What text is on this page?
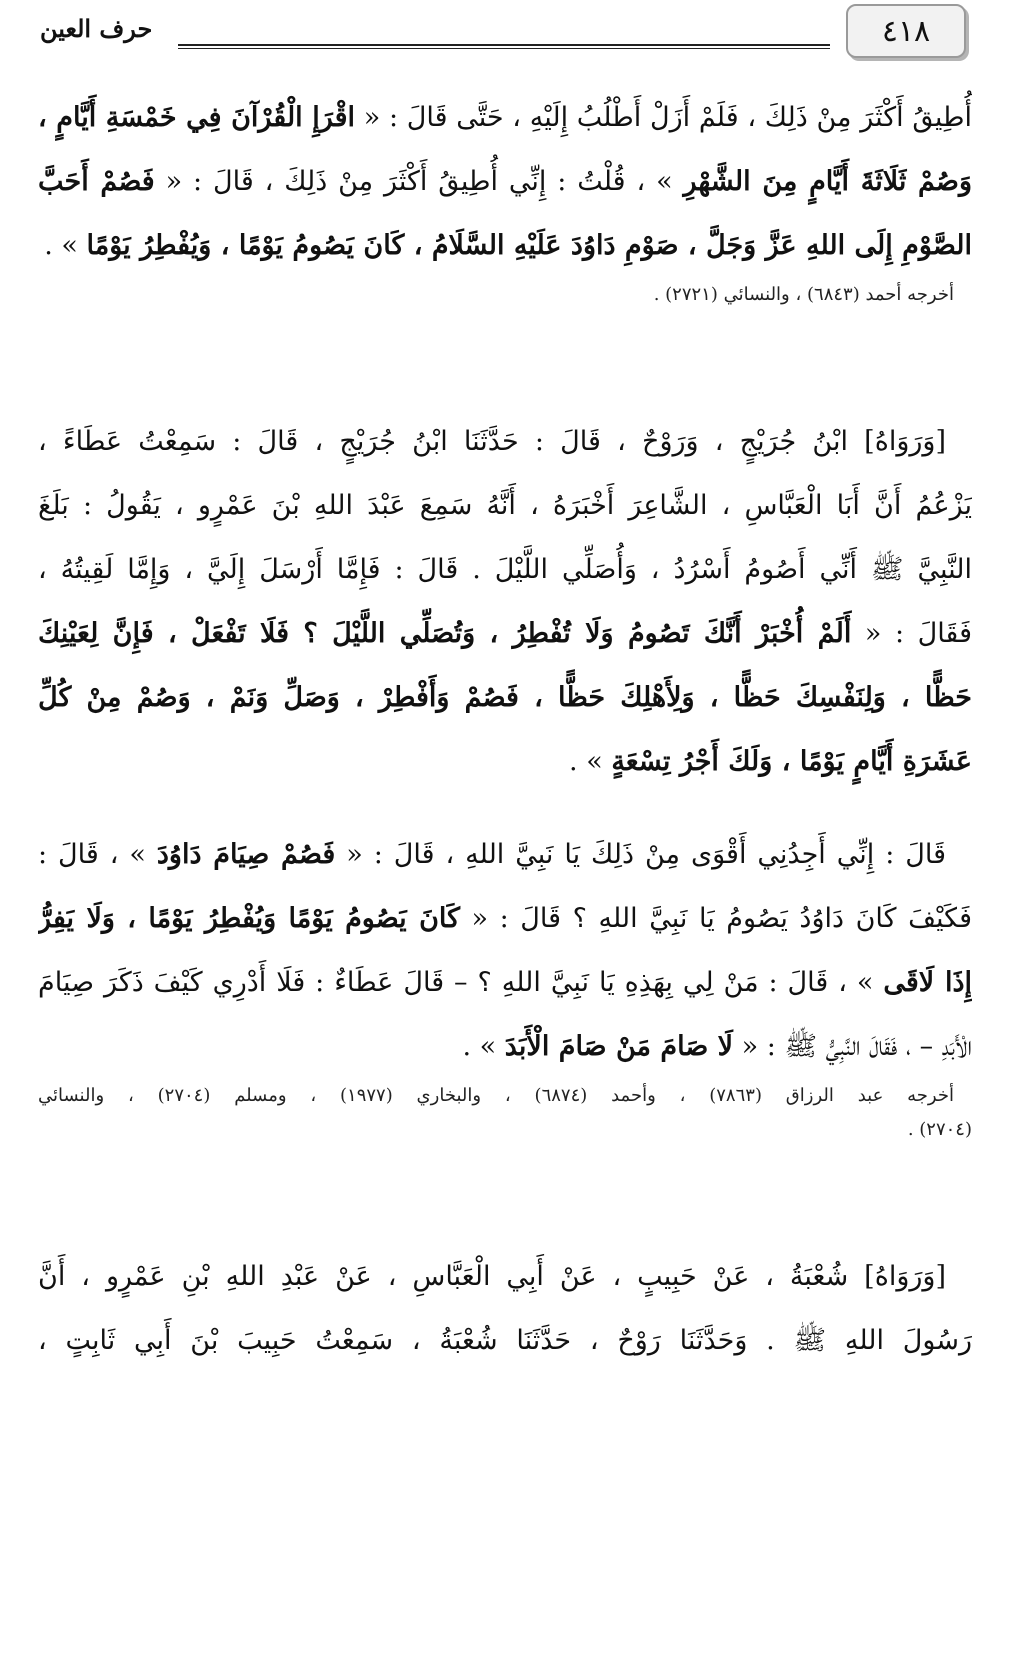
٤١٨
حرف العين
أُطِيقُ أَكْثَرَ مِنْ ذَلِكَ ، فَلَمْ أَزَلْ أَطْلُبُ إِلَيْهِ ، حَتَّى قَالَ : « اقْرَإِ الْقُرْآنَ فِي خَمْسَةِ أَيَّامٍ ،
وَصُمْ ثَلَاثَةَ أَيَّامٍ مِنَ الشَّهْرِ » ، قُلْتُ : إِنِّي أُطِيقُ أَكْثَرَ مِنْ ذَلِكَ ، قَالَ : « فَصُمْ أَحَبَّ
الصَّوْمِ إِلَى اللهِ عَزَّ وَجَلَّ ، صَوْمِ دَاوُدَ عَلَيْهِ السَّلَامُ ، كَانَ يَصُومُ يَوْمًا ، وَيُفْطِرُ يَوْمًا » .
أخرجه أحمد (٦٨٤٣) ، والنسائي (٢٧٢١) .
[وَرَوَاهُ] ابْنُ جُرَيْجٍ ، وَرَوْحٌ ، قَالَ : حَدَّثَنَا ابْنُ جُرَيْجٍ ، قَالَ : سَمِعْتُ عَطَاءً ،
يَزْعُمُ أَنَّ أَبَا الْعَبَّاسِ ، الشَّاعِرَ أَخْبَرَهُ ، أَنَّهُ سَمِعَ عَبْدَ اللهِ بْنَ عَمْرٍو ، يَقُولُ : بَلَغَ
النَّبِيَّ ﷺ أَنِّي أَصُومُ أَسْرُدُ ، وَأُصَلِّي اللَّيْلَ . قَالَ : فَإِمَّا أَرْسَلَ إِلَيَّ ، وَإِمَّا لَقِيتُهُ ،
فَقَالَ : « أَلَمْ أُخْبَرْ أَنَّكَ تَصُومُ وَلَا تُفْطِرُ ، وَتُصَلِّي اللَّيْلَ ؟ فَلَا تَفْعَلْ ، فَإِنَّ لِعَيْنِكَ
حَظًّا ، وَلِنَفْسِكَ حَظًّا ، وَلِأَهْلِكَ حَظًّا ، فَصُمْ وَأَفْطِرْ ، وَصَلِّ وَنَمْ ، وَصُمْ مِنْ كُلِّ
عَشَرَةِ أَيَّامٍ يَوْمًا ، وَلَكَ أَجْرُ تِسْعَةٍ » .
قَالَ : إِنِّي أَجِدُنِي أَقْوَى مِنْ ذَلِكَ يَا نَبِيَّ اللهِ ، قَالَ : « فَصُمْ صِيَامَ دَاوُدَ » ، قَالَ :
فَكَيْفَ كَانَ دَاوُدُ يَصُومُ يَا نَبِيَّ اللهِ ؟ قَالَ : « كَانَ يَصُومُ يَوْمًا وَيُفْطِرُ يَوْمًا ، وَلَا يَفِرُّ
إِذَا لَاقَى » ، قَالَ : مَنْ لِي بِهَذِهِ يَا نَبِيَّ اللهِ ؟ – قَالَ عَطَاءٌ : فَلَا أَدْرِي كَيْفَ ذَكَرَ صِيَامَ
الْأَبَدِ – ، فَقَالَ النَّبِيُّ ﷺ : « لَا صَامَ مَنْ صَامَ الْأَبَدَ » .
أخرجه عبد الرزاق (٧٨٦٣) ، وأحمد (٦٨٧٤) ، والبخاري (١٩٧٧) ، ومسلم (٢٧٠٤) ، والنسائي
(٢٧٠٤) .
[وَرَوَاهُ] شُعْبَةُ ، عَنْ حَبِيبٍ ، عَنْ أَبِي الْعَبَّاسِ ، عَنْ عَبْدِ اللهِ بْنِ عَمْرٍو ، أَنَّ
رَسُولَ اللهِ ﷺ . وَحَدَّثَنَا رَوْحٌ ، حَدَّثَنَا شُعْبَةُ ، سَمِعْتُ حَبِيبَ بْنَ أَبِي ثَابِتٍ ،
